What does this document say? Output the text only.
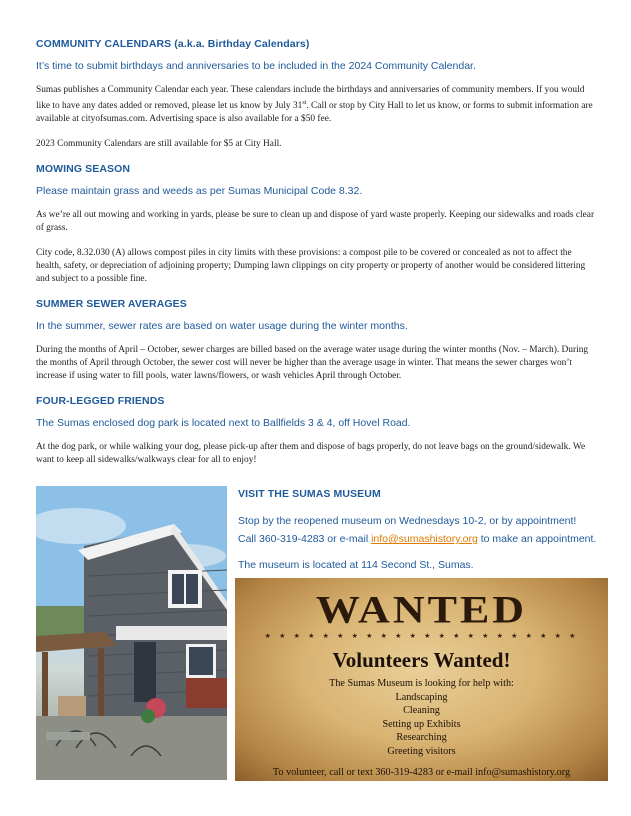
COMMUNITY CALENDARS (a.k.a. Birthday Calendars)

It’s time to submit birthdays and anniversaries to be included in the 2024 Community Calendar.

Sumas publishes a Community Calendar each year. These calendars include the birthdays and anniversaries of community members. If you would like to have any dates added or removed, please let us know by July 31st. Call or stop by City Hall to let us know, or forms to submit information are available at cityofsumas.com. Advertising space is also available for a $50 fee.

2023 Community Calendars are still available for $5 at City Hall.

MOWING SEASON

Please maintain grass and weeds as per Sumas Municipal Code 8.32.

As we’re all out mowing and working in yards, please be sure to clean up and dispose of yard waste properly. Keeping our sidewalks and roads clear of grass.

City code, 8.32.030 (A) allows compost piles in city limits with these provisions: a compost pile to be covered or concealed as not to affect the health, safety, or depreciation of adjoining property; Dumping lawn clippings on city property or property of another would be considered littering and subject to a possible fine.

SUMMER SEWER AVERAGES

In the summer, sewer rates are based on water usage during the winter months.

During the months of April – October, sewer charges are billed based on the average water usage during the winter months (Nov. – March). During the months of April through October, the sewer cost will never be higher than the average usage in winter. That means the sewer charges won’t increase if using water to fill pools, water lawns/flowers, or wash vehicles April through October.

FOUR-LEGGED FRIENDS

The Sumas enclosed dog park is located next to Ballfields 3 & 4, off Hovel Road.

At the dog park, or while walking your dog, please pick-up after them and dispose of bags properly, do not leave bags on the ground/sidewalk. We want to keep all sidewalks/walkways clear for all to enjoy!

VISIT THE SUMAS MUSEUM

Stop by the reopened museum on Wednesdays 10-2, or by appointment!

Call 360-319-4283 or e-mail info@sumashistory.org to make an appointment.

The museum is located at 114 Second St., Sumas.

WANTED
★ ★ ★ ★ ★ ★ ★ ★ ★ ★ ★ ★ ★ ★ ★ ★ ★ ★ ★ ★ ★ ★
Volunteers Wanted!
The Sumas Museum is looking for help with:
Landscaping
Cleaning
Setting up Exhibits
Researching
Greeting visitors
To volunteer, call or text 360-319-4283 or e-mail info@sumashistory.org
